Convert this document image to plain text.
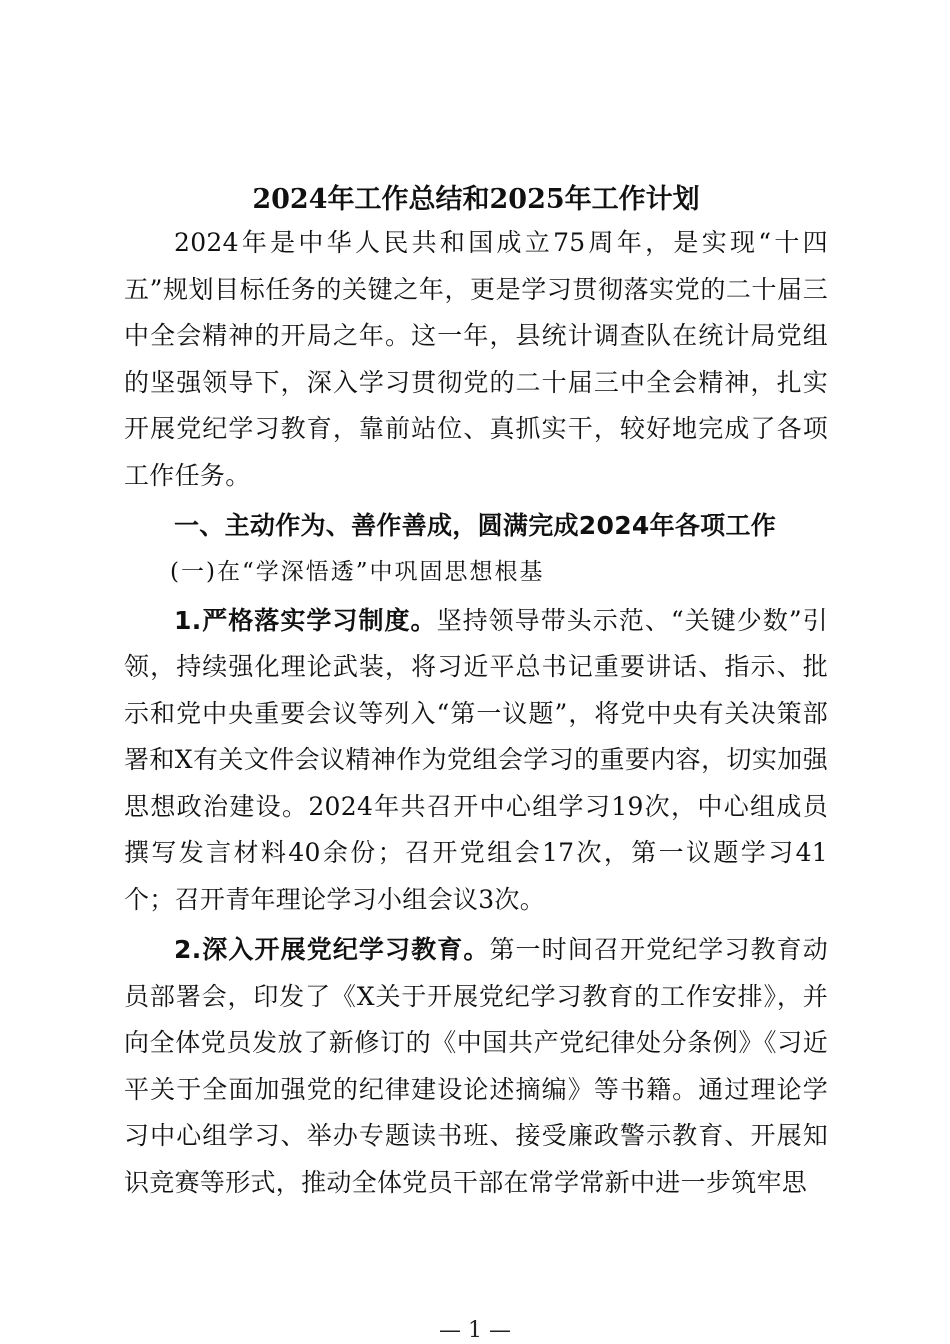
2024年工作总结和2025年工作计划

2024年是中华人民共和国成立75周年，是实现“十四五”规划目标任务的关键之年，更是学习贯彻落实党的二十届三中全会精神的开局之年。这一年，县统计调查队在统计局党组的坚强领导下，深入学习贯彻党的二十届三中全会精神，扎实开展党纪学习教育，靠前站位、真抓实干，较好地完成了各项工作任务。

一、主动作为、善作善成，圆满完成2024年各项工作

(一)在“学深悟透”中巩固思想根基

1.严格落实学习制度。坚持领导带头示范、“关键少数”引领，持续强化理论武装，将习近平总书记重要讲话、指示、批示和党中央重要会议等列入“第一议题”，将党中央有关决策部署和X有关文件会议精神作为党组会学习的重要内容，切实加强思想政治建设。2024年共召开中心组学习19次，中心组成员撰写发言材料40余份；召开党组会17次，第一议题学习41个；召开青年理论学习小组会议3次。

2.深入开展党纪学习教育。第一时间召开党纪学习教育动员部署会，印发了《X关于开展党纪学习教育的工作安排》，并向全体党员发放了新修订的《中国共产党纪律处分条例》《习近平关于全面加强党的纪律建设论述摘编》等书籍。通过理论学习中心组学习、举办专题读书班、接受廉政警示教育、开展知识竞赛等形式，推动全体党员干部在常学常新中进一步筑牢思

— 1 —
